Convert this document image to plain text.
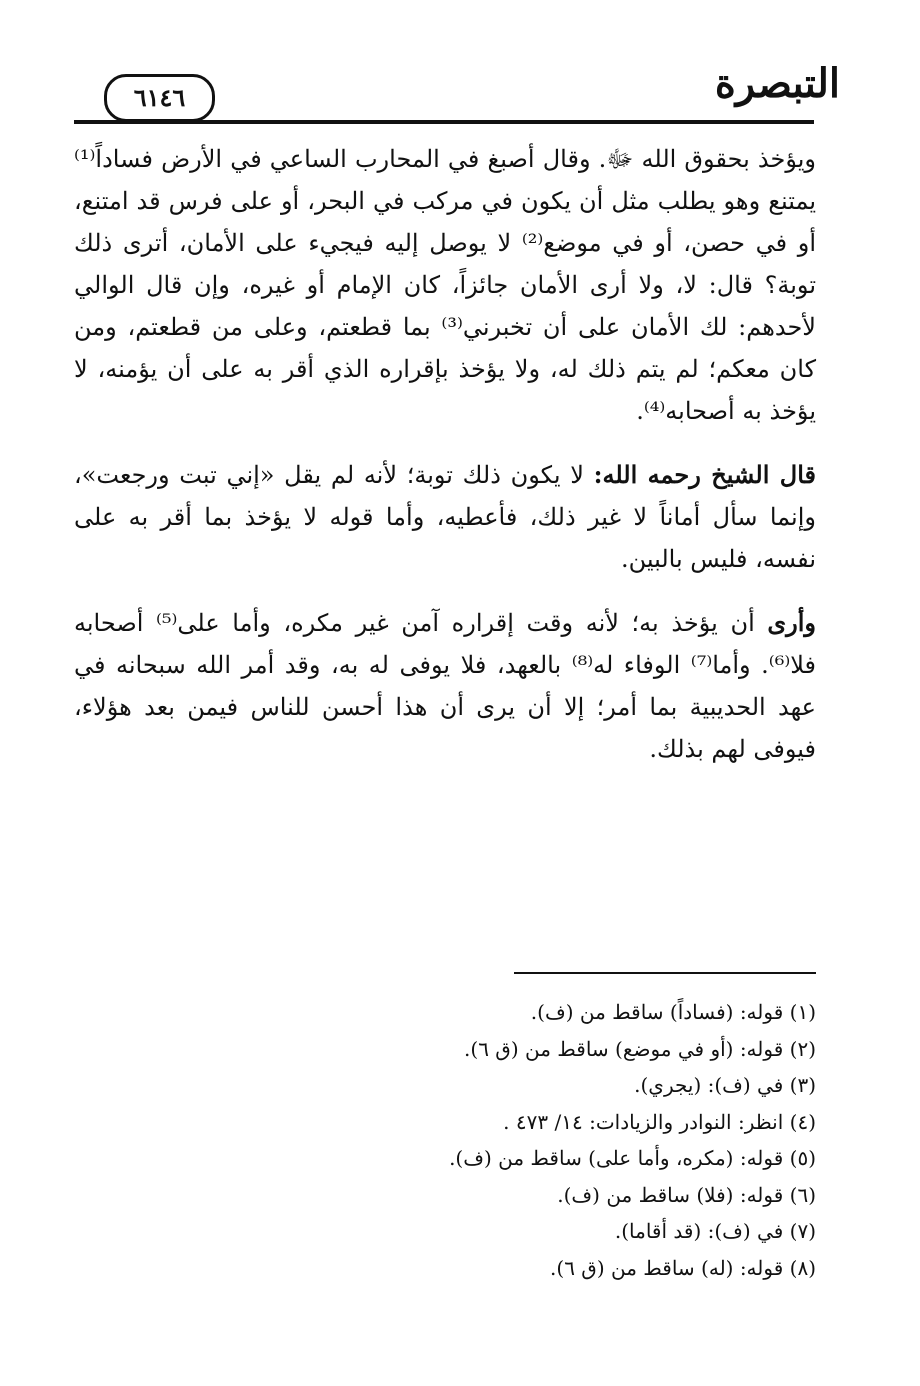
التبصرة
٦١٤٦

ويؤخذ بحقوق الله ﷻ. وقال أصبغ في المحارب الساعي في الأرض فساداً⁽¹⁾ يمتنع وهو يطلب مثل أن يكون في مركب في البحر، أو على فرس قد امتنع، أو في حصن، أو في موضع⁽²⁾ لا يوصل إليه فيجيء على الأمان، أترى ذلك توبة؟ قال: لا، ولا أرى الأمان جائزاً، كان الإمام أو غيره، وإن قال الوالي لأحدهم: لك الأمان على أن تخبرني⁽³⁾ بما قطعتم، وعلى من قطعتم، ومن كان معكم؛ لم يتم ذلك له، ولا يؤخذ بإقراره الذي أقر به على أن يؤمنه، لا يؤخذ به أصحابه⁽⁴⁾.

قال الشيخ رحمه الله: لا يكون ذلك توبة؛ لأنه لم يقل «إني تبت ورجعت»، وإنما سأل أماناً لا غير ذلك، فأعطيه، وأما قوله لا يؤخذ بما أقر به على نفسه، فليس بالبين.

وأرى أن يؤخذ به؛ لأنه وقت إقراره آمن غير مكره، وأما على⁽⁵⁾ أصحابه فلا⁽⁶⁾. وأما⁽⁷⁾ الوفاء له⁽⁸⁾ بالعهد، فلا يوفى له به، وقد أمر الله سبحانه في عهد الحديبية بما أمر؛ إلا أن يرى أن هذا أحسن للناس فيمن بعد هؤلاء، فيوفى لهم بذلك.

(١) قوله: (فساداً) ساقط من (ف).
(٢) قوله: (أو في موضع) ساقط من (ق ٦).
(٣) في (ف): (يجري).
(٤) انظر: النوادر والزيادات: ١٤/ ٤٧٣ .
(٥) قوله: (مكره، وأما على) ساقط من (ف).
(٦) قوله: (فلا) ساقط من (ف).
(٧) في (ف): (قد أقاما).
(٨) قوله: (له) ساقط من (ق ٦).
